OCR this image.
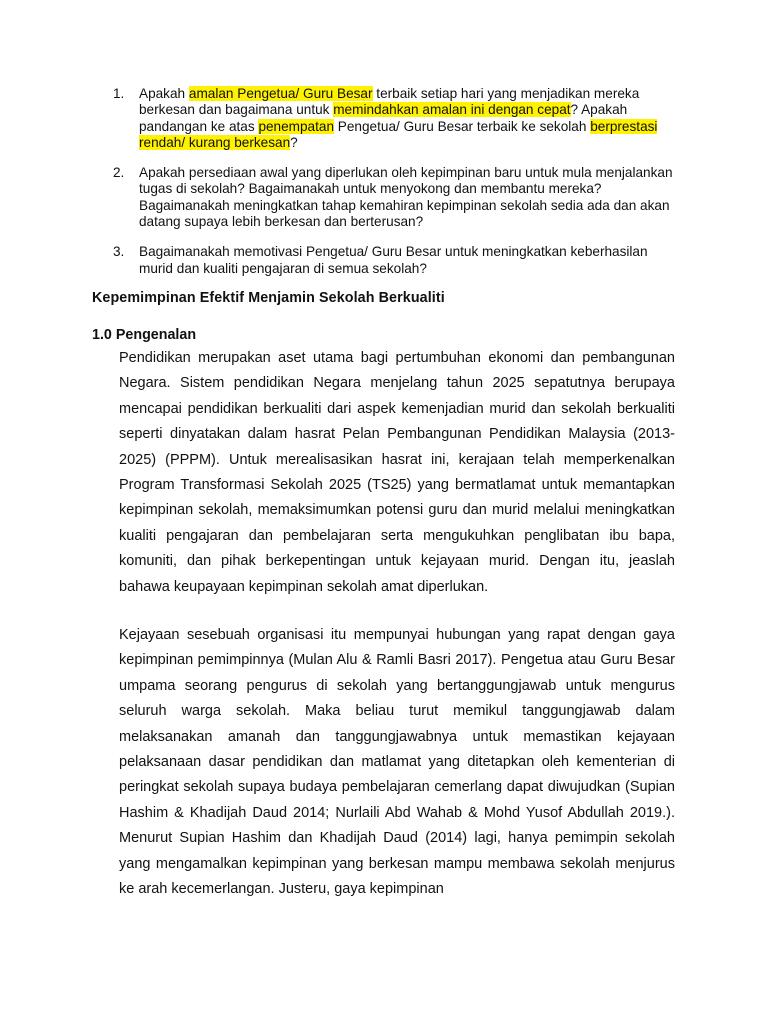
1. Apakah amalan Pengetua/ Guru Besar terbaik setiap hari yang menjadikan mereka berkesan dan bagaimana untuk memindahkan amalan ini dengan cepat? Apakah pandangan ke atas penempatan Pengetua/ Guru Besar terbaik ke sekolah berprestasi rendah/ kurang berkesan?
2. Apakah persediaan awal yang diperlukan oleh kepimpinan baru untuk mula menjalankan tugas di sekolah? Bagaimanakah untuk menyokong dan membantu mereka? Bagaimanakah meningkatkan tahap kemahiran kepimpinan sekolah sedia ada dan akan datang supaya lebih berkesan dan berterusan?
3. Bagaimanakah memotivasi Pengetua/ Guru Besar untuk meningkatkan keberhasilan murid dan kualiti pengajaran di semua sekolah?
Kepemimpinan Efektif Menjamin Sekolah Berkualiti
1.0 Pengenalan

Pendidikan merupakan aset utama bagi pertumbuhan ekonomi dan pembangunan Negara. Sistem pendidikan Negara menjelang tahun 2025 sepatutnya berupaya mencapai pendidikan berkualiti dari aspek kemenjadian murid dan sekolah berkualiti seperti dinyatakan dalam hasrat Pelan Pembangunan Pendidikan Malaysia (2013-2025) (PPPM). Untuk merealisasikan hasrat ini, kerajaan telah memperkenalkan Program Transformasi Sekolah 2025 (TS25) yang bermatlamat untuk memantapkan kepimpinan sekolah, memaksimumkan potensi guru dan murid melalui meningkatkan kualiti pengajaran dan pembelajaran serta mengukuhkan penglibatan ibu bapa, komuniti, dan pihak berkepentingan untuk kejayaan murid. Dengan itu, jeaslah bahawa keupayaan kepimpinan sekolah amat diperlukan.

Kejayaan sesebuah organisasi itu mempunyai hubungan yang rapat dengan gaya kepimpinan pemimpinnya (Mulan Alu & Ramli Basri 2017). Pengetua atau Guru Besar umpama seorang pengurus di sekolah yang bertanggungjawab untuk mengurus seluruh warga sekolah. Maka beliau turut memikul tanggungjawab dalam melaksanakan amanah dan tanggungjawabnya untuk memastikan kejayaan pelaksanaan dasar pendidikan dan matlamat yang ditetapkan oleh kementerian di peringkat sekolah supaya budaya pembelajaran cemerlang dapat diwujudkan (Supian Hashim & Khadijah Daud 2014; Nurlaili Abd Wahab & Mohd Yusof Abdullah 2019.). Menurut Supian Hashim dan Khadijah Daud (2014) lagi, hanya pemimpin sekolah yang mengamalkan kepimpinan yang berkesan mampu membawa sekolah menjurus ke arah kecemerlangan. Justeru, gaya kepimpinan
